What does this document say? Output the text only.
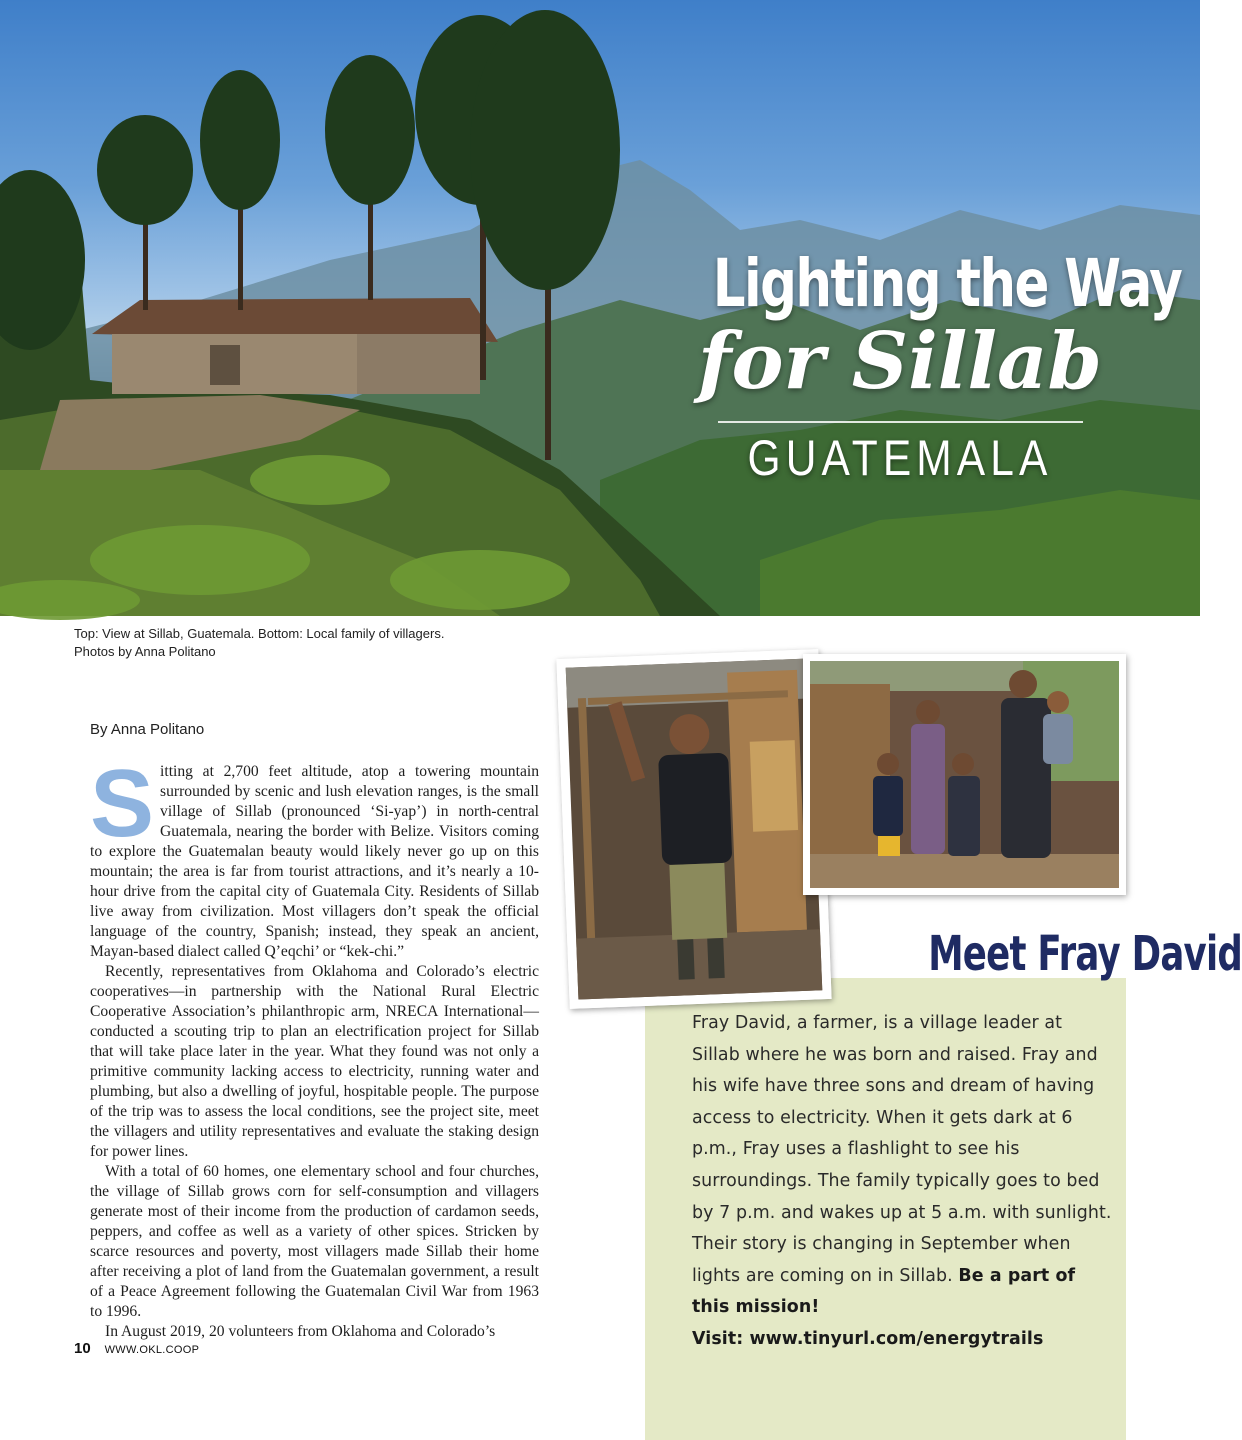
Lighting the Way
for Sillab
GUATEMALA
Top: View at Sillab, Guatemala. Bottom: Local family of villagers.
Photos by Anna Politano
By Anna Politano

Sitting at 2,700 feet altitude, atop a towering mountain surrounded by scenic and lush elevation ranges, is the small village of Sillab (pronounced ‘Si-yap’) in north-central Guatemala, nearing the border with Belize. Visitors coming to explore the Guatemalan beauty would likely never go up on this mountain; the area is far from tourist attractions, and it’s nearly a 10-hour drive from the capital city of Guatemala City. Residents of Sillab live away from civilization. Most villagers don’t speak the official language of the country, Spanish; instead, they speak an ancient, Mayan-based dialect called Q’eqchi’ or “kek-chi.”

Recently, representatives from Oklahoma and Colorado’s electric cooperatives—in partnership with the National Rural Electric Cooperative Association’s philanthropic arm, NRECA International—conducted a scouting trip to plan an electrification project for Sillab that will take place later in the year. What they found was not only a primitive community lacking access to electricity, running water and plumbing, but also a dwelling of joyful, hospitable people. The purpose of the trip was to assess the local conditions, see the project site, meet the villagers and utility representatives and evaluate the staking design for power lines.

With a total of 60 homes, one elementary school and four churches, the village of Sillab grows corn for self-consumption and villagers generate most of their income from the production of cardamon seeds, peppers, and coffee as well as a variety of other spices. Stricken by scarce resources and poverty, most villagers made Sillab their home after receiving a plot of land from the Guatemalan government, a result of a Peace Agreement following the Guatemalan Civil War from 1963 to 1996.

In August 2019, 20 volunteers from Oklahoma and Colorado’s

10 WWW.OKL.COOP
Meet Fray David
Fray David, a farmer, is a village leader at Sillab where he was born and raised. Fray and his wife have three sons and dream of having access to electricity. When it gets dark at 6 p.m., Fray uses a flashlight to see his surroundings. The family typically goes to bed by 7 p.m. and wakes up at 5 a.m. with sunlight. Their story is changing in September when lights are coming on in Sillab. Be a part of this mission!
Visit: www.tinyurl.com/energytrails
